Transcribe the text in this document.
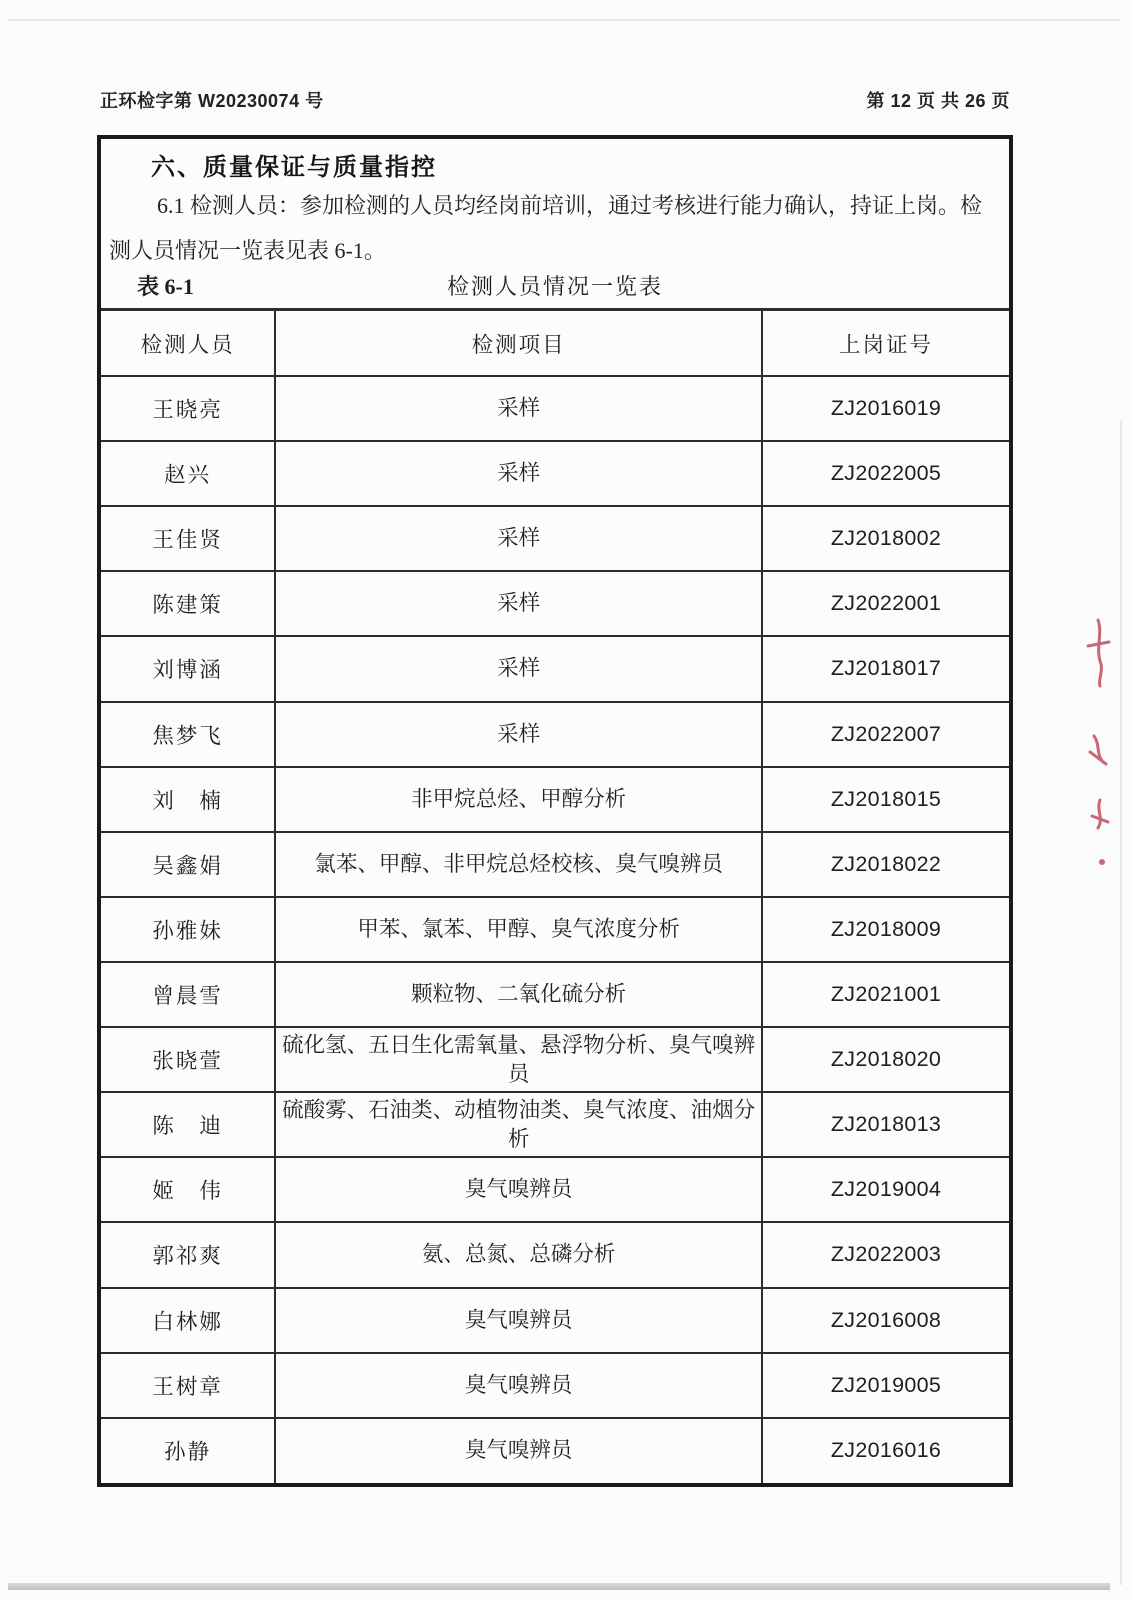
正环检字第 W20230074 号	第 12 页 共 26 页
六、质量保证与质量指控
6.1 检测人员：参加检测的人员均经岗前培训，通过考核进行能力确认，持证上岗。检
测人员情况一览表见表 6-1。
表 6-1	检测人员情况一览表
检测人员	检测项目	上岗证号
王晓亮	采样	ZJ2016019
赵兴	采样	ZJ2022005
王佳贤	采样	ZJ2018002
陈建策	采样	ZJ2022001
刘博涵	采样	ZJ2018017
焦梦飞	采样	ZJ2022007
刘　楠	非甲烷总烃、甲醇分析	ZJ2018015
吴鑫娟	氯苯、甲醇、非甲烷总烃校核、臭气嗅辨员	ZJ2018022
孙雅妹	甲苯、氯苯、甲醇、臭气浓度分析	ZJ2018009
曾晨雪	颗粒物、二氧化硫分析	ZJ2021001
张晓萱	硫化氢、五日生化需氧量、悬浮物分析、臭气嗅辨员	ZJ2018020
陈　迪	硫酸雾、石油类、动植物油类、臭气浓度、油烟分析	ZJ2018013
姬　伟	臭气嗅辨员	ZJ2019004
郭祁爽	氨、总氮、总磷分析	ZJ2022003
白林娜	臭气嗅辨员	ZJ2016008
王树章	臭气嗅辨员	ZJ2019005
孙静	臭气嗅辨员	ZJ2016016
